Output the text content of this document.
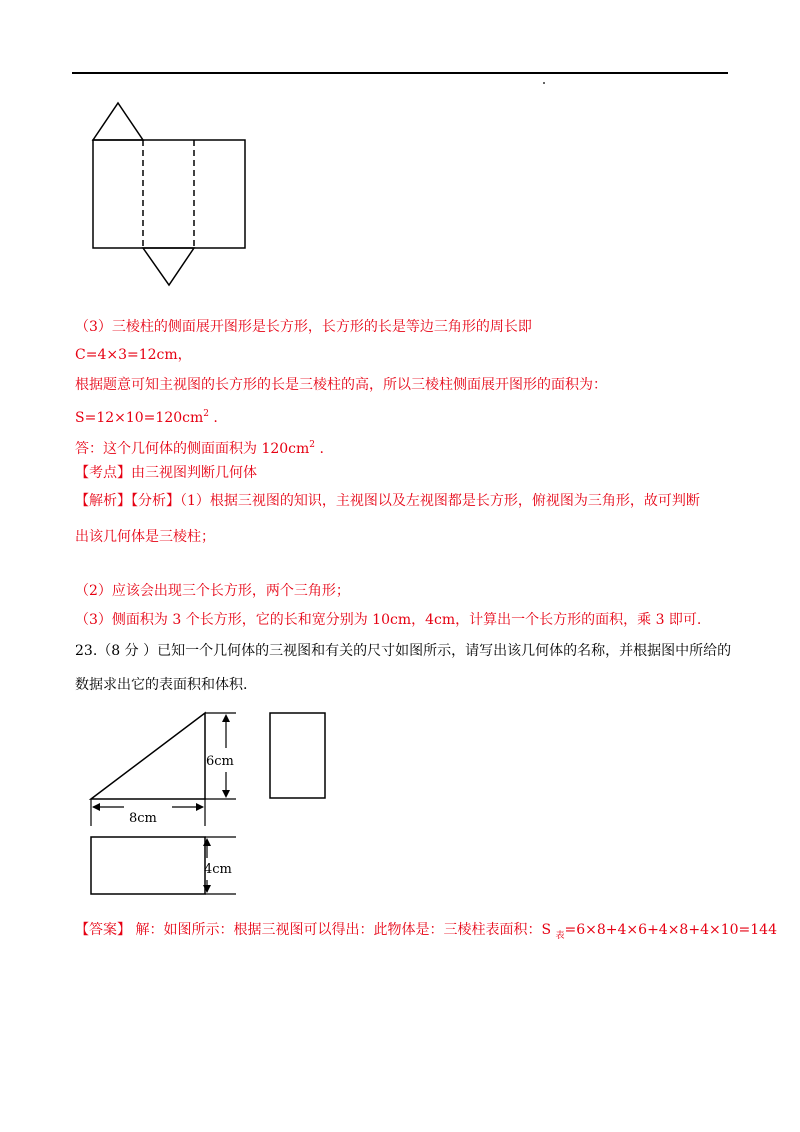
（3）三棱柱的侧面展开图形是长方形，长方形的长是等边三角形的周长即
C=4×3=12cm，
根据题意可知主视图的长方形的长是三棱柱的高，所以三棱柱侧面展开图形的面积为：
$S=12\times 10=120cm^2$ .
答：这个几何体的侧面面积为 $120cm^2$ .
【考点】由三视图判断几何体
【解析】【分析】（1）根据三视图的知识，主视图以及左视图都是长方形，俯视图为三角形，故可判断
出该几何体是三棱柱；
（2）应该会出现三个长方形，两个三角形；
（3）侧面积为 3 个长方形，它的长和宽分别为 10cm，4cm，计算出一个长方形的面积，乘 3 即可.
23.（8 分 ）已知一个几何体的三视图和有关的尺寸如图所示，请写出该几何体的名称，并根据图中所给的
数据求出它的表面积和体积.
6cm
8cm
4cm
【答案】 解：如图所示：根据三视图可以得出：此物体是：三棱柱表面积：S $_表$=6×8+4×6+4×8+4×10=144
